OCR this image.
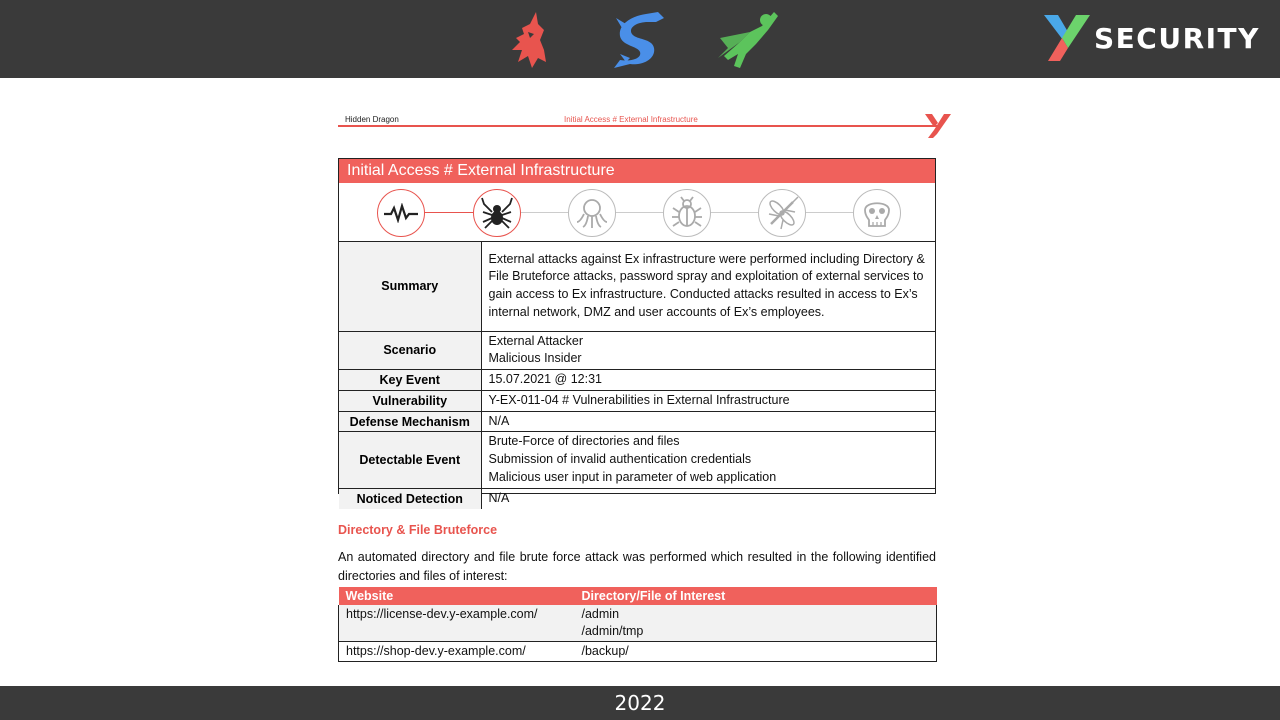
SECURITY
Hidden Dragon	Initial Access # External Infrastructure
Initial Access # External Infrastructure
Summary	External attacks against Ex infrastructure were performed including Directory & File Bruteforce attacks, password spray and exploitation of external services to gain access to Ex infrastructure. Conducted attacks resulted in access to Ex’s internal network, DMZ and user accounts of Ex’s employees.

Scenario	External Attacker
Malicious Insider

Key Event	15.07.2021 @ 12:31
Vulnerability	Y-EX-011-04 # Vulnerabilities in External Infrastructure
Defense Mechanism	N/A
Detectable Event	Brute-Force of directories and files
Submission of invalid authentication credentials
Malicious user input in parameter of web application

Noticed Detection	N/A
Directory & File Bruteforce
An automated directory and file brute force attack was performed which resulted in the following identified directories and files of interest:
Website	Directory/File of Interest
https://license-dev.y-example.com/	/admin
/admin/tmp

https://shop-dev.y-example.com/	/backup/
2022
